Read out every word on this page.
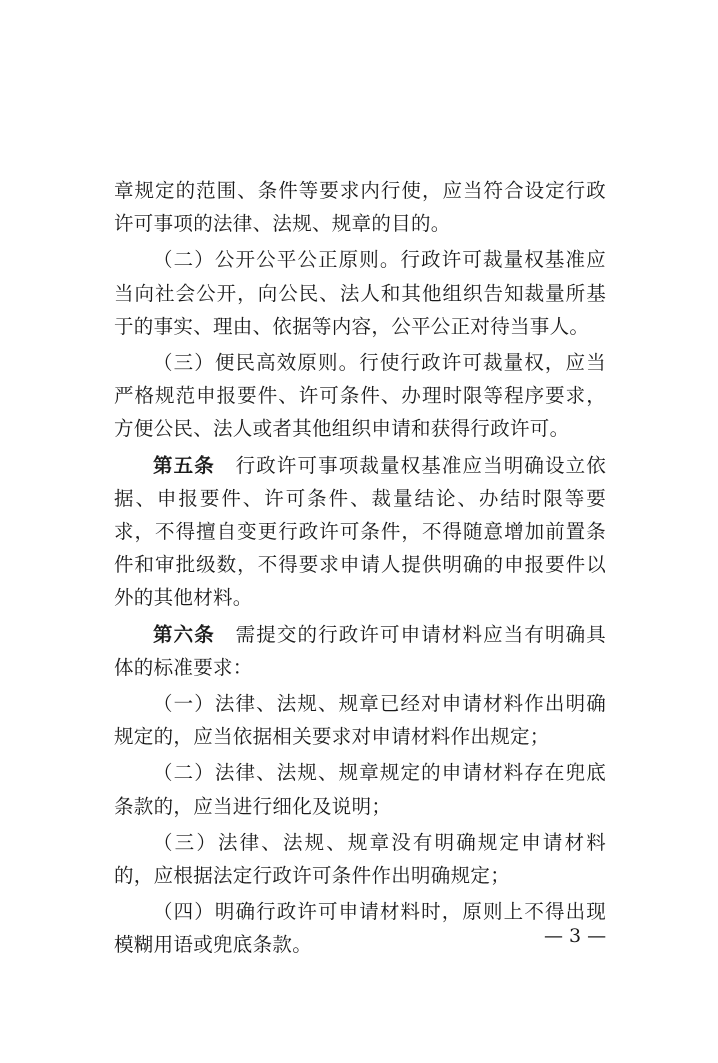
章规定的范围、条件等要求内行使，应当符合设定行政许可事项的法律、法规、规章的目的。

（二）公开公平公正原则。行政许可裁量权基准应当向社会公开，向公民、法人和其他组织告知裁量所基于的事实、理由、依据等内容，公平公正对待当事人。

（三）便民高效原则。行使行政许可裁量权，应当严格规范申报要件、许可条件、办理时限等程序要求，方便公民、法人或者其他组织申请和获得行政许可。

第五条 行政许可事项裁量权基准应当明确设立依据、申报要件、许可条件、裁量结论、办结时限等要求，不得擅自变更行政许可条件，不得随意增加前置条件和审批级数，不得要求申请人提供明确的申报要件以外的其他材料。

第六条 需提交的行政许可申请材料应当有明确具体的标准要求：

（一）法律、法规、规章已经对申请材料作出明确规定的，应当依据相关要求对申请材料作出规定；

（二）法律、法规、规章规定的申请材料存在兜底条款的，应当进行细化及说明；

（三）法律、法规、规章没有明确规定申请材料的，应根据法定行政许可条件作出明确规定；

（四）明确行政许可申请材料时，原则上不得出现模糊用语或兜底条款。	— 3 —
